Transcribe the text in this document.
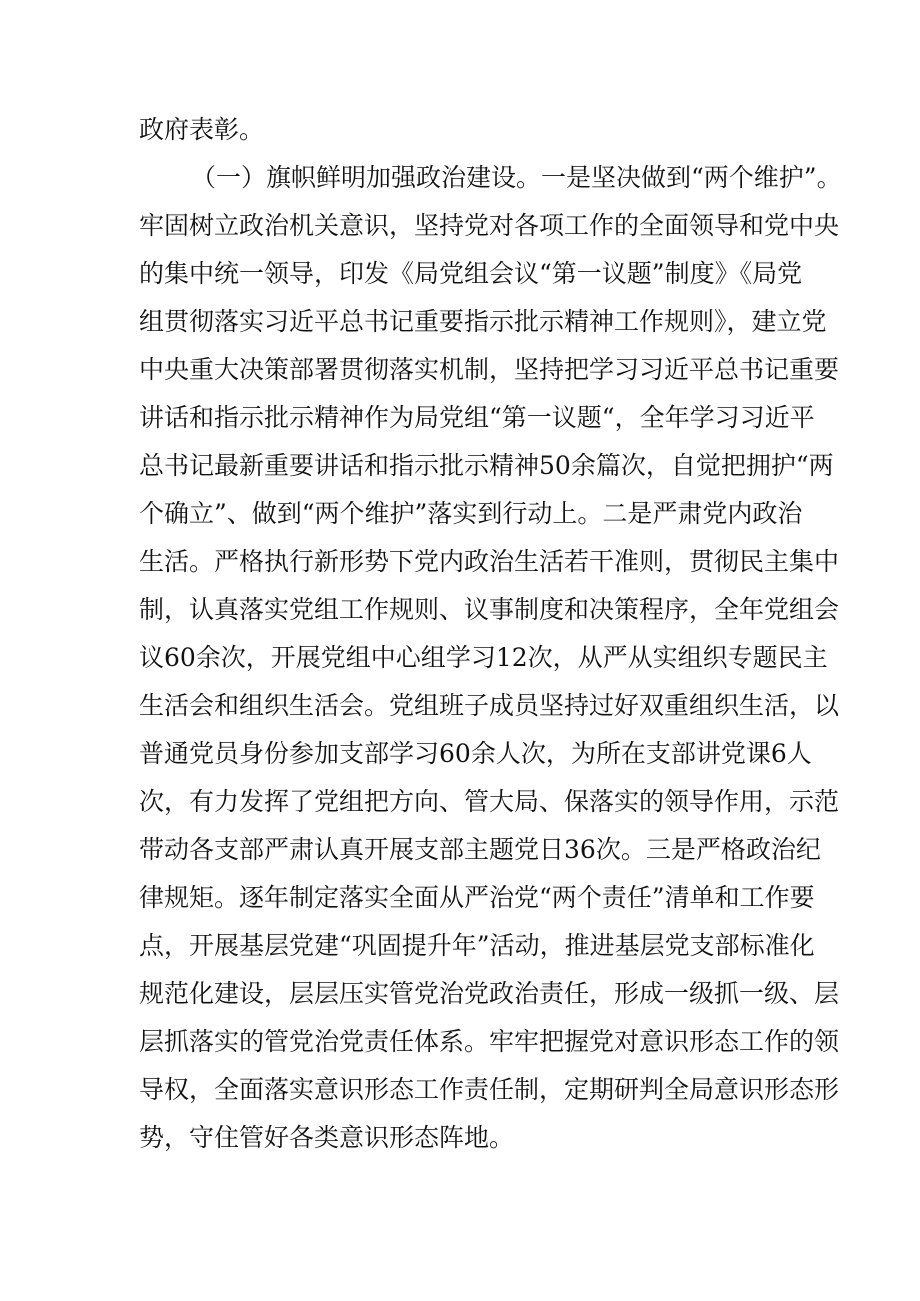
政府表彰。
（一）旗帜鲜明加强政治建设。一是坚决做到“两个维护”。
牢固树立政治机关意识，坚持党对各项工作的全面领导和党中央
的集中统一领导，印发《局党组会议“第一议题”制度》《局党
组贯彻落实习近平总书记重要指示批示精神工作规则》，建立党
中央重大决策部署贯彻落实机制，坚持把学习习近平总书记重要
讲话和指示批示精神作为局党组“第一议题“，全年学习习近平
总书记最新重要讲话和指示批示精神50余篇次，自觉把拥护“两
个确立”、做到“两个维护”落实到行动上。二是严肃党内政治
生活。严格执行新形势下党内政治生活若干准则，贯彻民主集中
制，认真落实党组工作规则、议事制度和决策程序，全年党组会
议60余次，开展党组中心组学习12次，从严从实组织专题民主
生活会和组织生活会。党组班子成员坚持过好双重组织生活，以
普通党员身份参加支部学习60余人次，为所在支部讲党课6人
次，有力发挥了党组把方向、管大局、保落实的领导作用，示范
带动各支部严肃认真开展支部主题党日36次。三是严格政治纪
律规矩。逐年制定落实全面从严治党“两个责任”清单和工作要
点，开展基层党建“巩固提升年”活动，推进基层党支部标准化
规范化建设，层层压实管党治党政治责任，形成一级抓一级、层
层抓落实的管党治党责任体系。牢牢把握党对意识形态工作的领
导权，全面落实意识形态工作责任制，定期研判全局意识形态形
势，守住管好各类意识形态阵地。
